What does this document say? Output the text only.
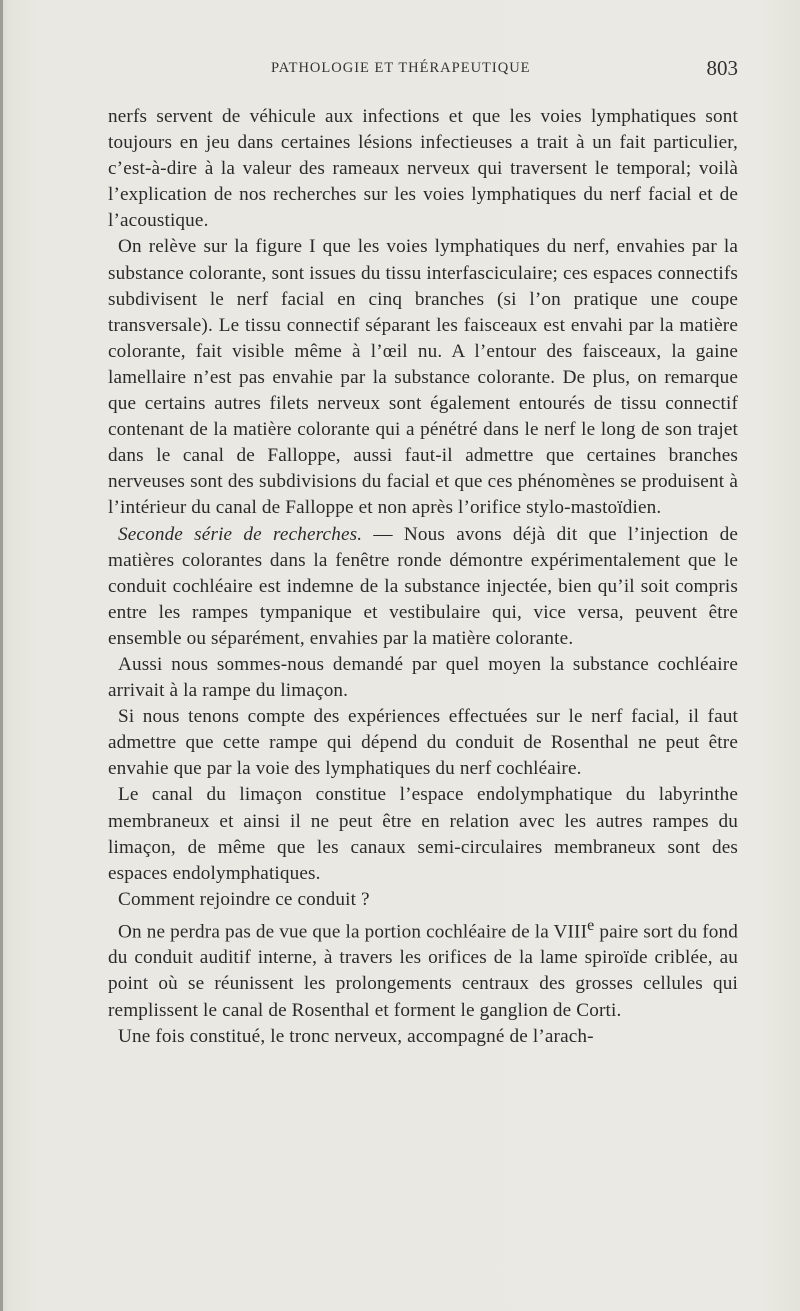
PATHOLOGIE ET THÉRAPEUTIQUE	803

nerfs servent de véhicule aux infections et que les voies lymphatiques sont toujours en jeu dans certaines lésions infectieuses a trait à un fait particulier, c’est-à-dire à la valeur des rameaux nerveux qui traversent le temporal; voilà l’explication de nos recherches sur les voies lymphatiques du nerf facial et de l’acoustique.

On relève sur la figure I que les voies lymphatiques du nerf, envahies par la substance colorante, sont issues du tissu interfasciculaire; ces espaces connectifs subdivisent le nerf facial en cinq branches (si l’on pratique une coupe transversale). Le tissu connectif séparant les faisceaux est envahi par la matière colorante, fait visible même à l’œil nu. A l’entour des faisceaux, la gaine lamellaire n’est pas envahie par la substance colorante. De plus, on remarque que certains autres filets nerveux sont également entourés de tissu connectif contenant de la matière colorante qui a pénétré dans le nerf le long de son trajet dans le canal de Falloppe, aussi faut-il admettre que certaines branches nerveuses sont des subdivisions du facial et que ces phénomènes se produisent à l’intérieur du canal de Falloppe et non après l’orifice stylo-mastoïdien.

Seconde série de recherches. — Nous avons déjà dit que l’injection de matières colorantes dans la fenêtre ronde démontre expérimentalement que le conduit cochléaire est indemne de la substance injectée, bien qu’il soit compris entre les rampes tympanique et vestibulaire qui, vice versa, peuvent être ensemble ou séparément, envahies par la matière colorante.

Aussi nous sommes-nous demandé par quel moyen la substance cochléaire arrivait à la rampe du limaçon.

Si nous tenons compte des expériences effectuées sur le nerf facial, il faut admettre que cette rampe qui dépend du conduit de Rosenthal ne peut être envahie que par la voie des lymphatiques du nerf cochléaire.

Le canal du limaçon constitue l’espace endolymphatique du labyrinthe membraneux et ainsi il ne peut être en relation avec les autres rampes du limaçon, de même que les canaux semi-circulaires membraneux sont des espaces endolymphatiques.

Comment rejoindre ce conduit ?

On ne perdra pas de vue que la portion cochléaire de la VIIIe paire sort du fond du conduit auditif interne, à travers les orifices de la lame spiroïde criblée, au point où se réunissent les prolongements centraux des grosses cellules qui remplissent le canal de Rosenthal et forment le ganglion de Corti.

Une fois constitué, le tronc nerveux, accompagné de l’arach-
